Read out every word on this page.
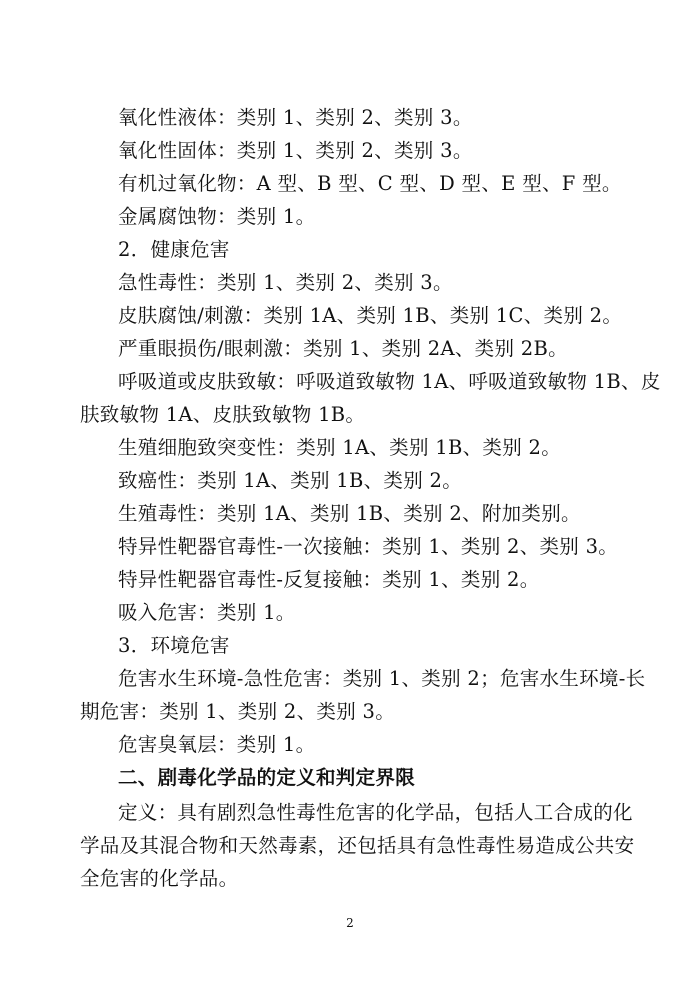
氧化性液体：类别 1、类别 2、类别 3。
氧化性固体：类别 1、类别 2、类别 3。
有机过氧化物：A 型、B 型、C 型、D 型、E 型、F 型。
金属腐蚀物：类别 1。
2．健康危害
急性毒性：类别 1、类别 2、类别 3。
皮肤腐蚀/刺激：类别 1A、类别 1B、类别 1C、类别 2。
严重眼损伤/眼刺激：类别 1、类别 2A、类别 2B。
呼吸道或皮肤致敏：呼吸道致敏物 1A、呼吸道致敏物 1B、皮
肤致敏物 1A、皮肤致敏物 1B。
生殖细胞致突变性：类别 1A、类别 1B、类别 2。
致癌性：类别 1A、类别 1B、类别 2。
生殖毒性：类别 1A、类别 1B、类别 2、附加类别。
特异性靶器官毒性-一次接触：类别 1、类别 2、类别 3。
特异性靶器官毒性-反复接触：类别 1、类别 2。
吸入危害：类别 1。
3．环境危害
危害水生环境-急性危害：类别 1、类别 2；危害水生环境-长
期危害：类别 1、类别 2、类别 3。
危害臭氧层：类别 1。
二、剧毒化学品的定义和判定界限
定义：具有剧烈急性毒性危害的化学品，包括人工合成的化
学品及其混合物和天然毒素，还包括具有急性毒性易造成公共安
全危害的化学品。
2
